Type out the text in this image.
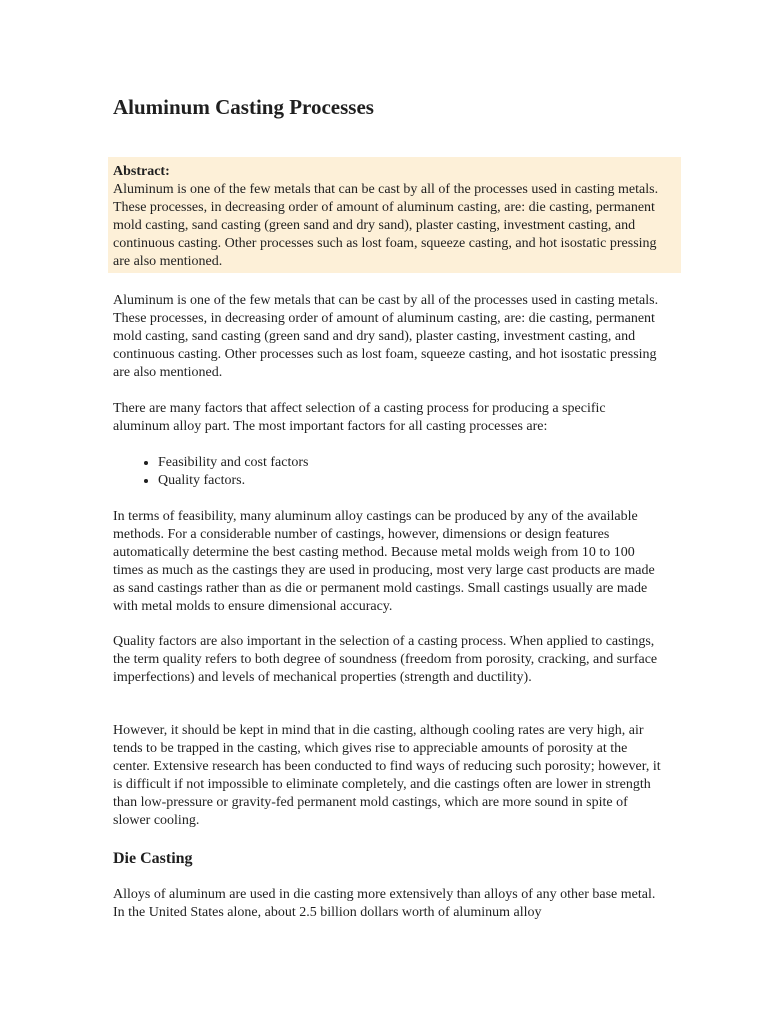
Aluminum Casting Processes
Abstract:

Aluminum is one of the few metals that can be cast by all of the processes used in casting metals. These processes, in decreasing order of amount of aluminum casting, are: die casting, permanent mold casting, sand casting (green sand and dry sand), plaster casting, investment casting, and continuous casting. Other processes such as lost foam, squeeze casting, and hot isostatic pressing are also mentioned.

Aluminum is one of the few metals that can be cast by all of the processes used in casting metals. These processes, in decreasing order of amount of aluminum casting, are: die casting, permanent mold casting, sand casting (green sand and dry sand), plaster casting, investment casting, and continuous casting. Other processes such as lost foam, squeeze casting, and hot isostatic pressing are also mentioned.

There are many factors that affect selection of a casting process for producing a specific aluminum alloy part. The most important factors for all casting processes are:

• Feasibility and cost factors
• Quality factors.

In terms of feasibility, many aluminum alloy castings can be produced by any of the available methods. For a considerable number of castings, however, dimensions or design features automatically determine the best casting method. Because metal molds weigh from 10 to 100 times as much as the castings they are used in producing, most very large cast products are made as sand castings rather than as die or permanent mold castings. Small castings usually are made with metal molds to ensure dimensional accuracy.

Quality factors are also important in the selection of a casting process. When applied to castings, the term quality refers to both degree of soundness (freedom from porosity, cracking, and surface imperfections) and levels of mechanical properties (strength and ductility).

However, it should be kept in mind that in die casting, although cooling rates are very high, air tends to be trapped in the casting, which gives rise to appreciable amounts of porosity at the center. Extensive research has been conducted to find ways of reducing such porosity; however, it is difficult if not impossible to eliminate completely, and die castings often are lower in strength than low-pressure or gravity-fed permanent mold castings, which are more sound in spite of slower cooling.

Die Casting

Alloys of aluminum are used in die casting more extensively than alloys of any other base metal. In the United States alone, about 2.5 billion dollars worth of aluminum alloy
